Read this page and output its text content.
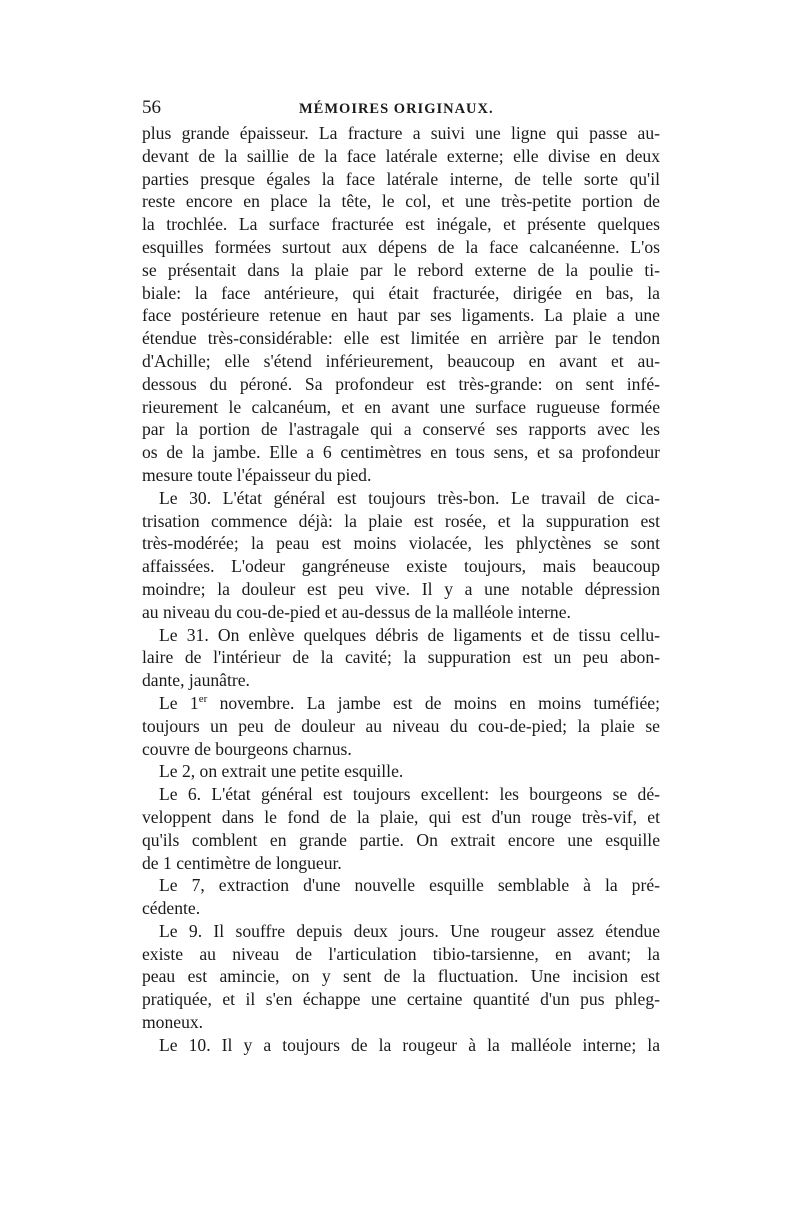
56	MÉMOIRES ORIGINAUX.
plus grande épaisseur. La fracture a suivi une ligne qui passe au-
devant de la saillie de la face latérale externe; elle divise en deux
parties presque égales la face latérale interne, de telle sorte qu'il
reste encore en place la tête, le col, et une très-petite portion de
la trochlée. La surface fracturée est inégale, et présente quelques
esquilles formées surtout aux dépens de la face calcanéenne. L'os
se présentait dans la plaie par le rebord externe de la poulie ti-
biale: la face antérieure, qui était fracturée, dirigée en bas, la
face postérieure retenue en haut par ses ligaments. La plaie a une
étendue très-considérable: elle est limitée en arrière par le tendon
d'Achille; elle s'étend inférieurement, beaucoup en avant et au-
dessous du péroné. Sa profondeur est très-grande: on sent infé-
rieurement le calcanéum, et en avant une surface rugueuse formée
par la portion de l'astragale qui a conservé ses rapports avec les
os de la jambe. Elle a 6 centimètres en tous sens, et sa profondeur
mesure toute l'épaisseur du pied.
Le 30. L'état général est toujours très-bon. Le travail de cica-
trisation commence déjà: la plaie est rosée, et la suppuration est
très-modérée; la peau est moins violacée, les phlyctènes se sont
affaissées. L'odeur gangréneuse existe toujours, mais beaucoup
moindre; la douleur est peu vive. Il y a une notable dépression
au niveau du cou-de-pied et au-dessus de la malléole interne.
Le 31. On enlève quelques débris de ligaments et de tissu cellu-
laire de l'intérieur de la cavité; la suppuration est un peu abon-
dante, jaunâtre.
Le 1er novembre. La jambe est de moins en moins tuméfiée;
toujours un peu de douleur au niveau du cou-de-pied; la plaie se
couvre de bourgeons charnus.
Le 2, on extrait une petite esquille.
Le 6. L'état général est toujours excellent: les bourgeons se dé-
veloppent dans le fond de la plaie, qui est d'un rouge très-vif, et
qu'ils comblent en grande partie. On extrait encore une esquille
de 1 centimètre de longueur.
Le 7, extraction d'une nouvelle esquille semblable à la pré-
cédente.
Le 9. Il souffre depuis deux jours. Une rougeur assez étendue
existe au niveau de l'articulation tibio-tarsienne, en avant; la
peau est amincie, on y sent de la fluctuation. Une incision est
pratiquée, et il s'en échappe une certaine quantité d'un pus phleg-
moneux.
Le 10. Il y a toujours de la rougeur à la malléole interne; la
